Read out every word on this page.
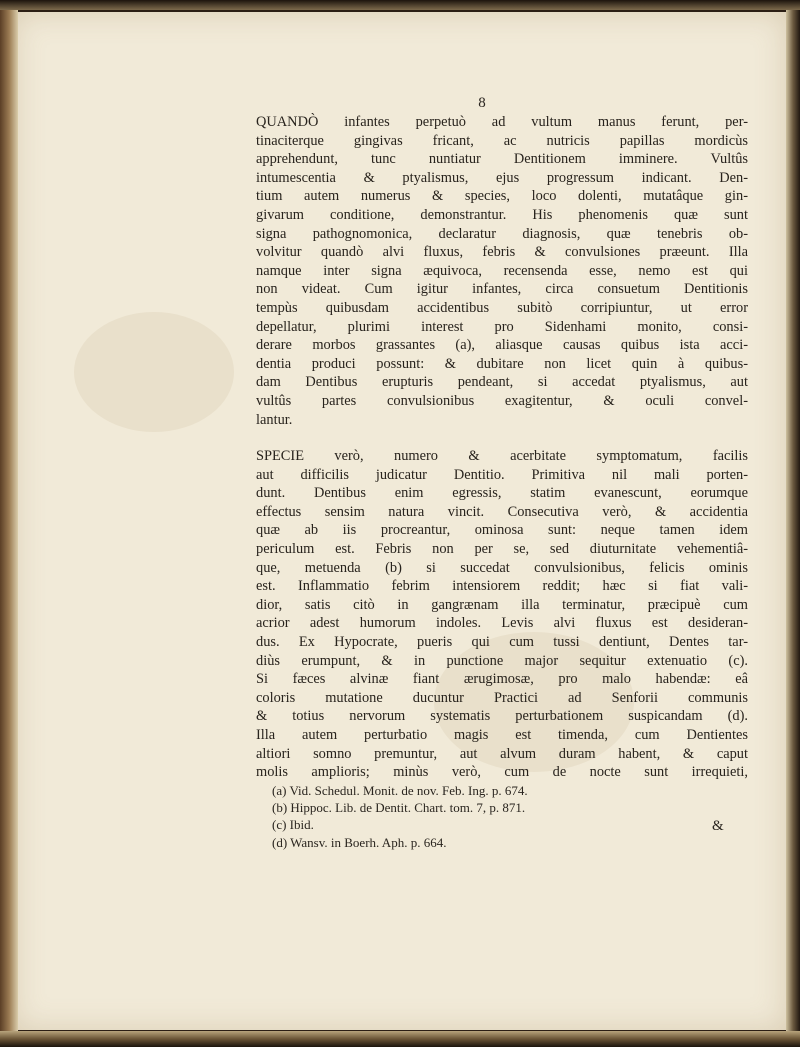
8
QUANDÒ infantes perpetuò ad vultum manus ferunt, per-
tinaciterque gingivas fricant, ac nutricis papillas mordicùs
apprehendunt, tunc nuntiatur Dentitionem imminere. Vultûs
intumescentia & ptyalismus, ejus progressum indicant. Den-
tium autem numerus & species, loco dolenti, mutatâque gin-
givarum conditione, demonstrantur. His phenomenis quæ sunt
signa pathognomonica, declaratur diagnosis, quæ tenebris ob-
volvitur quandò alvi fluxus, febris & convulsiones præeunt. Illa
namque inter signa æquivoca, recensenda esse, nemo est qui
non videat. Cum igitur infantes, circa consuetum Dentitionis
tempùs quibusdam accidentibus subitò corripiuntur, ut error
depellatur, plurimi interest pro Sidenhami monito, consi-
derare morbos grassantes (a), aliasque causas quibus ista acci-
dentia produci possunt: & dubitare non licet quin à quibus-
dam Dentibus erupturis pendeant, si accedat ptyalismus, aut
vultûs partes convulsionibus exagitentur, & oculi convel-
lantur.
SPECIE verò, numero & acerbitate symptomatum, facilis
aut difficilis judicatur Dentitio. Primitiva nil mali porten-
dunt. Dentibus enim egressis, statim evanescunt, eorumque
effectus sensim natura vincit. Consecutiva verò, & accidentia
quæ ab iis procreantur, ominosa sunt: neque tamen idem
periculum est. Febris non per se, sed diuturnitate vehementiâ-
que, metuenda (b) si succedat convulsionibus, felicis ominis
est. Inflammatio febrim intensiorem reddit; hæc si fiat vali-
dior, satis citò in gangrænam illa terminatur, præcipuè cum
acrior adest humorum indoles. Levis alvi fluxus est desideran-
dus. Ex Hypocrate, pueris qui cum tussi dentiunt, Dentes tar-
diùs erumpunt, & in punctione major sequitur extenuatio (c).
Si fæces alvinæ fiant ærugimosæ, pro malo habendæ: eâ
coloris mutatione ducuntur Practici ad Senforii communis
& totius nervorum systematis perturbationem suspicandam (d).
Illa autem perturbatio magis est timenda, cum Dentientes
altiori somno premuntur, aut alvum duram habent, & caput
molis amplioris; minùs verò, cum de nocte sunt irrequieti,
(a) Vid. Schedul. Monit. de nov. Feb. Ing. p. 674.
(b) Hippoc. Lib. de Dentit. Chart. tom. 7, p. 871.
(c) Ibid.
(d) Wansv. in Boerh. Aph. p. 664.
&
